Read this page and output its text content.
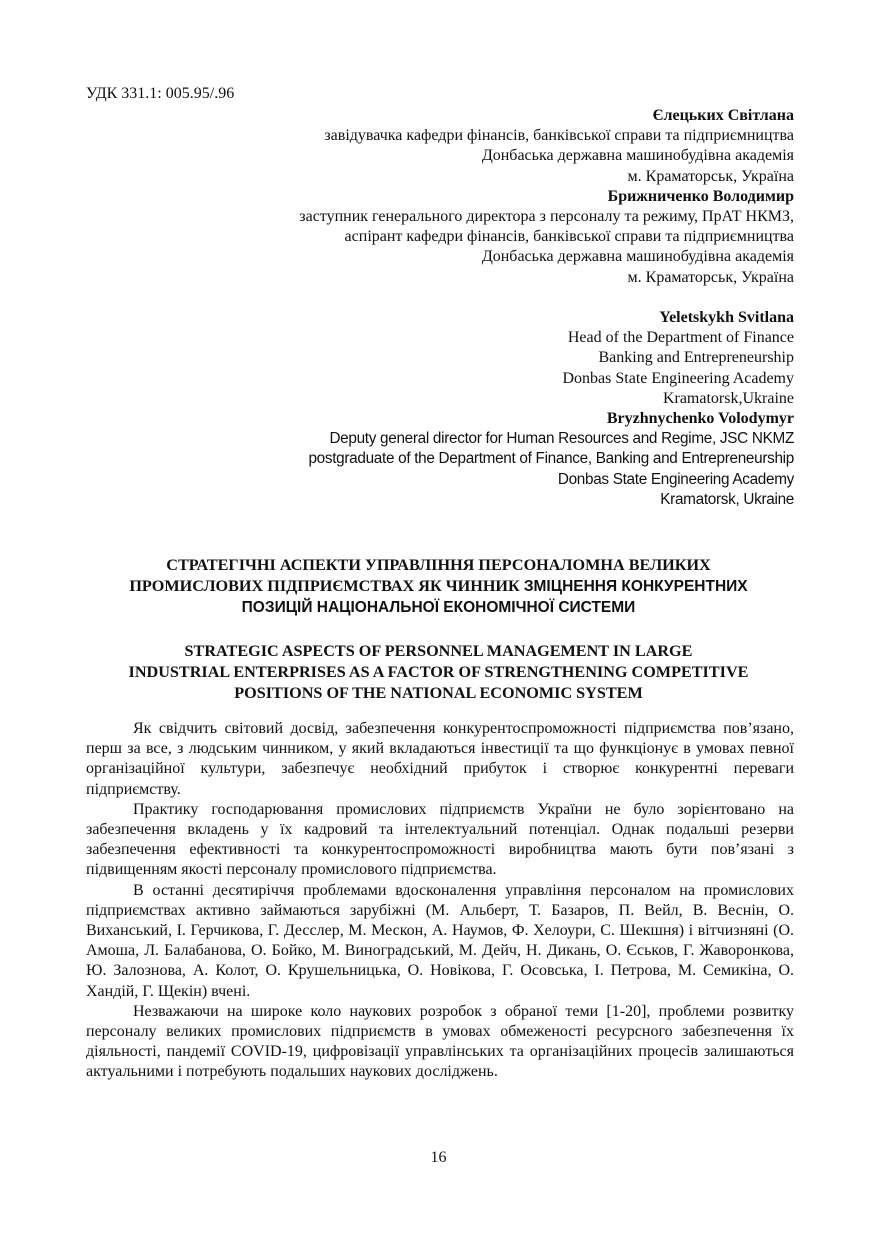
УДК 331.1: 005.95/.96
Єлецьких Світлана
завідувачка кафедри фінансів, банківської справи та підприємництва
Донбаська державна машинобудівна академія
м. Краматорськ, Україна
Брижниченко Володимир
заступник генерального директора з персоналу та режиму, ПрАТ НКМЗ,
аспірант кафедри фінансів, банківської справи та підприємництва
Донбаська державна машинобудівна академія
м. Краматорськ, Україна
Yeletskykh Svitlana
Head of the Department of Finance
Banking and Entrepreneurship
Donbas State Engineering Academy
Kramatorsk,Ukraine
Bryzhnychenko Volodymyr
Deputy general director for Human Resources and Regime, JSC NKMZ
postgraduate of the Department of Finance, Banking and Entrepreneurship
Donbas State Engineering Academy
Kramatorsk, Ukraine
СТРАТЕГІЧНІ АСПЕКТИ УПРАВЛІННЯ ПЕРСОНАЛОМНА ВЕЛИКИХ
ПРОМИСЛОВИХ ПІДПРИЄМСТВАХ ЯК ЧИННИК ЗМІЦНЕННЯ КОНКУРЕНТНИХ
ПОЗИЦІЙ НАЦІОНАЛЬНОЇ ЕКОНОМІЧНОЇ СИСТЕМИ
STRATEGIC ASPECTS OF PERSONNEL MANAGEMENT IN LARGE
INDUSTRIAL ENTERPRISES AS A FACTOR OF STRENGTHENING COMPETITIVE
POSITIONS OF THE NATIONAL ECONOMIC SYSTEM

Як свідчить світовий досвід, забезпечення конкурентоспроможності підприємства пов’язано, перш за все, з людським чинником, у який вкладаються інвестиції та що функціонує в умовах певної організаційної культури, забезпечує необхідний прибуток і створює конкурентні переваги підприємству.

Практику господарювання промислових підприємств України не було зорієнтовано на забезпечення вкладень у їх кадровий та інтелектуальний потенціал. Однак подальші резерви забезпечення ефективності та конкурентоспроможності виробництва мають бути пов’язані з підвищенням якості персоналу промислового підприємства.

В останні десятиріччя проблемами вдосконалення управління персоналом на промислових підприємствах активно займаються зарубіжні (М. Альберт, Т. Базаров, П. Вейл, В. Веснін, О. Виханський, І. Герчикова, Г. Десслер, М. Мескон, А. Наумов, Ф. Хелоури, С. Шекшня) і вітчизняні (О. Амоша, Л. Балабанова, О. Бойко, М. Виноградський, М. Дейч, Н. Дикань, О. Єськов, Г. Жаворонкова, Ю. Залознова, А. Колот, О. Крушельницька, О. Новікова, Г. Осовська, І. Петрова, М. Семикіна, О. Хандій, Г. Щекін) вчені.

Незважаючи на широке коло наукових розробок з обраної теми [1-20], проблеми розвитку персоналу великих промислових підприємств в умовах обмеженості ресурсного забезпечення їх діяльності, пандемії COVID-19, цифровізації управлінських та організаційних процесів залишаються актуальними і потребують подальших наукових досліджень.

16
